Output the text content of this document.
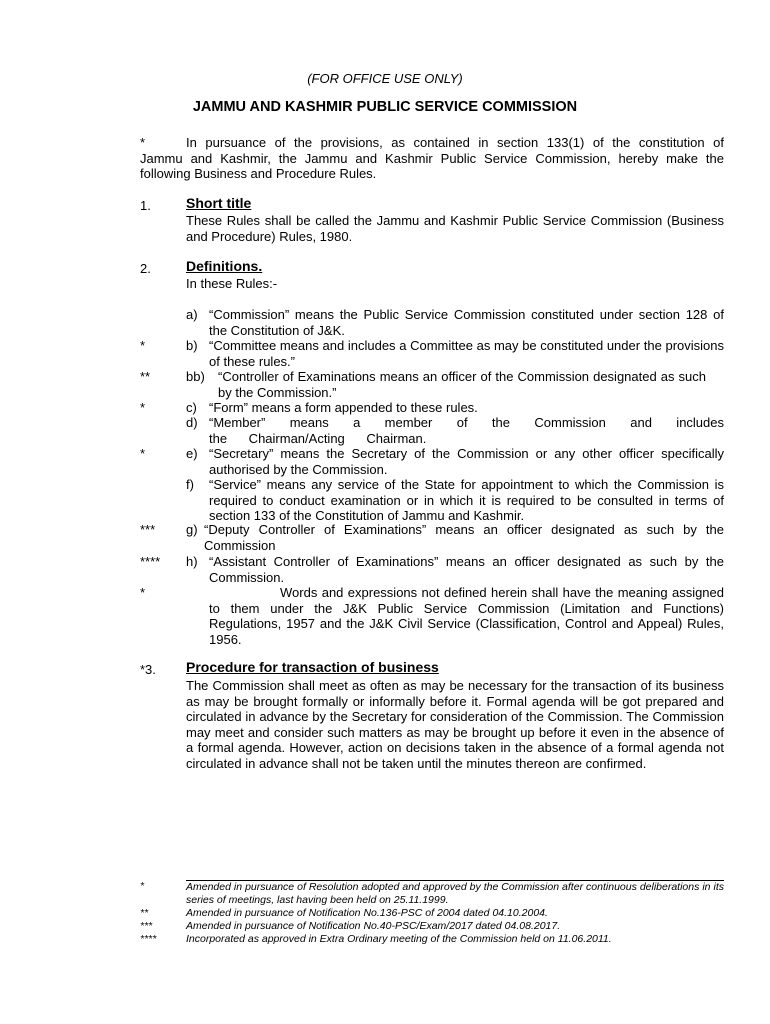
(FOR OFFICE USE ONLY)
JAMMU AND KASHMIR PUBLIC SERVICE COMMISSION
*	In pursuance of the provisions, as contained in section 133(1) of the constitution of
Jammu and Kashmir, the Jammu and Kashmir Public Service Commission, hereby make the
following Business and Procedure Rules.
1.	Short title
These Rules shall be called the Jammu and Kashmir Public Service Commission (Business and Procedure) Rules, 1980.
2.	Definitions.
In these Rules:-
a) “Commission” means the Public Service Commission constituted under section 128 of the Constitution of J&K.
*	b) “Committee means and includes a Committee as may be constituted under the provisions of these rules.”
**	bb) “Controller of Examinations means an officer of the Commission designated as such by the Commission.”
*	c) “Form” means a form appended to these rules.
d) “Member” means a member of the Commission and includes the Chairman/Acting Chairman.
*	e) “Secretary” means the Secretary of the Commission or any other officer specifically authorised by the Commission.
f) “Service” means any service of the State for appointment to which the Commission is required to conduct examination or in which it is required to be consulted in terms of section 133 of the Constitution of Jammu and Kashmir.
*** g) “Deputy Controller of Examinations” means an officer designated as such by the Commission
**** h) “Assistant Controller of Examinations” means an officer designated as such by the Commission.
*	Words and expressions not defined herein shall have the meaning assigned to them under the J&K Public Service Commission (Limitation and Functions) Regulations, 1957 and the J&K Civil Service (Classification, Control and Appeal) Rules, 1956.
*3. Procedure for transaction of business
The Commission shall meet as often as may be necessary for the transaction of its business as may be brought formally or informally before it. Formal agenda will be got prepared and circulated in advance by the Secretary for consideration of the Commission. The Commission may meet and consider such matters as may be brought up before it even in the absence of a formal agenda. However, action on decisions taken in the absence of a formal agenda not circulated in advance shall not be taken until the minutes thereon are confirmed.
*	Amended in pursuance of Resolution adopted and approved by the Commission after continuous deliberations in its series of meetings, last having been held on 25.11.1999.
**	Amended in pursuance of Notification No.136-PSC of 2004 dated 04.10.2004.
***	Amended in pursuance of Notification No.40-PSC/Exam/2017 dated 04.08.2017.
****	Incorporated as approved in Extra Ordinary meeting of the Commission held on 11.06.2011.
